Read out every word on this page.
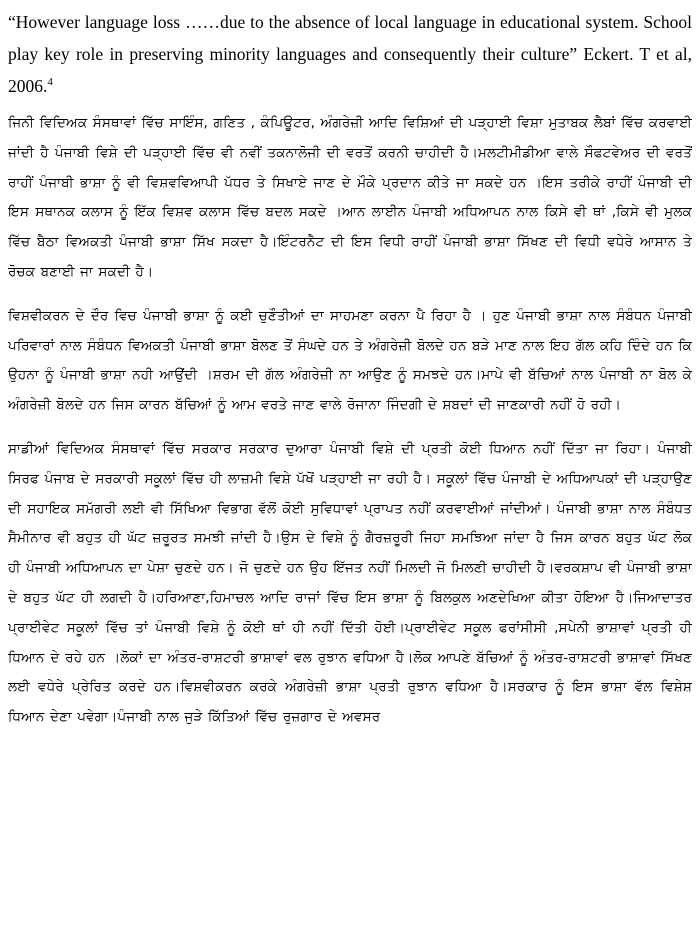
“However language loss ……due to the absence of local language in educational system. School play key role in preserving minority languages and consequently their culture” Eckert. T et al, 2006.$^4$

ਜਿਨੀ ਵਿਦਿਅਕ ਸੰਸਥਾਵਾਂ ਵਿੱਚ ਸਾਇੰਸ, ਗਣਿਤ , ਕੰਪਿਊਟਰ, ਅੰਗਰੇਜ਼ੀ ਆਦਿ ਵਿਸ਼ਿਆਂ ਦੀ ਪੜ੍ਹਾਈ ਵਿਸ਼ਾ ਮੁਤਾਬਕ ਲੈਬਾਂ ਵਿੱਚ ਕਰਵਾਈ ਜਾਂਦੀ ਹੈ ਪੰਜਾਬੀ ਵਿਸ਼ੇ ਦੀ ਪੜ੍ਹਾਈ ਵਿੱਚ ਵੀ ਨਵੀਂ ਤਕਨਾਲੋਜੀ ਦੀ ਵਰਤੋਂ ਕਰਨੀ ਚਾਹੀਦੀ ਹੈ।ਮਲਟੀਮੀਡੀਆ ਵਾਲੇ ਸੌਫਟਵੇਅਰ ਦੀ ਵਰਤੋਂ ਰਾਹੀਂ ਪੰਜਾਬੀ ਭਾਸ਼ਾ ਨੂੰ ਵੀ ਵਿਸ਼ਵਵਿਆਪੀ ਪੱਧਰ ਤੇ ਸਿਖਾਏ ਜਾਣ ਦੇ ਮੌਕੇ ਪ੍ਰਦਾਨ ਕੀਤੇ ਜਾ ਸਕਦੇ ਹਨ ।ਇਸ ਤਰੀਕੇ ਰਾਹੀਂ ਪੰਜਾਬੀ ਦੀ ਇਸ ਸਥਾਨਕ ਕਲਾਸ ਨੂੰ ਇੱਕ ਵਿਸ਼ਵ ਕਲਾਸ ਵਿੱਚ ਬਦਲ ਸਕਦੇ ।ਆਨ ਲਾਈਨ ਪੰਜਾਬੀ ਅਧਿਆਪਨ ਨਾਲ ਕਿਸੇ ਵੀ ਥਾਂ ,ਕਿਸੇ ਵੀ ਮੁਲਕ ਵਿੱਚ ਬੈਠਾ ਵਿਅਕਤੀ ਪੰਜਾਬੀ ਭਾਸ਼ਾ ਸਿੱਖ ਸਕਦਾ ਹੈ।ਇੰਟਰਨੈਟ ਦੀ ਇਸ ਵਿਧੀ ਰਾਹੀਂ ਪੰਜਾਬੀ ਭਾਸ਼ਾ ਸਿੱਖਣ ਦੀ ਵਿਧੀ ਵਧੇਰੇ ਆਸਾਨ ਤੇ ਰੋਚਕ ਬਣਾਈ ਜਾ ਸਕਦੀ ਹੈ।

ਵਿਸ਼ਵੀਕਰਨ ਦੇ ਦੌਰ ਵਿਚ ਪੰਜਾਬੀ ਭਾਸ਼ਾ ਨੂੰ ਕਈ ਚੁਣੌਤੀਆਂ ਦਾ ਸਾਹਮਣਾ ਕਰਨਾ ਪੈ ਰਿਹਾ ਹੈ । ਹੁਣ ਪੰਜਾਬੀ ਭਾਸ਼ਾ ਨਾਲ ਸੰਬੰਧਨ ਪੰਜਾਬੀ ਪਰਿਵਾਰਾਂ ਨਾਲ ਸੰਬੰਧਨ ਵਿਅਕਤੀ ਪੰਜਾਬੀ ਭਾਸ਼ਾ ਬੋਲਣ ਤੋਂ ਸੰਘਦੇ ਹਨ ਤੇ ਅੰਗਰੇਜ਼ੀ ਬੋਲਦੇ ਹਨ ਬੜੇ ਮਾਣ ਨਾਲ ਇਹ ਗੱਲ ਕਹਿ ਦਿੰਦੇ ਹਨ ਕਿ ਉਹਨਾ ਨੂੰ ਪੰਜਾਬੀ ਭਾਸ਼ਾ ਨਹੀ ਆਉਂਦੀ ।ਸ਼ਰਮ ਦੀ ਗੱਲ ਅੰਗਰੇਜ਼ੀ ਨਾ ਆਉਣ ਨੂੰ ਸਮਝਦੇ ਹਨ।ਮਾਪੇ ਵੀ ਬੱਚਿਆਂ ਨਾਲ ਪੰਜਾਬੀ ਨਾ ਬੋਲ ਕੇ ਅੰਗਰੇਜ਼ੀ ਬੋਲਦੇ ਹਨ ਜਿਸ ਕਾਰਨ ਬੱਚਿਆਂ ਨੂੰ ਆਮ ਵਰਤੇ ਜਾਣ ਵਾਲੇ ਰੋਜਾਨਾ ਜਿੰਦਗੀ ਦੇ ਸ਼ਬਦਾਂ ਦੀ ਜਾਣਕਾਰੀ ਨਹੀਂ ਹੋ ਰਹੀ।

ਸਾਡੀਆਂ ਵਿਦਿਅਕ ਸੰਸਥਾਵਾਂ ਵਿੱਚ ਸਰਕਾਰ ਸਰਕਾਰ ਦੁਆਰਾ ਪੰਜਾਬੀ ਵਿਸ਼ੇ ਦੀ ਪ੍ਰਤੀ ਕੋਈ ਧਿਆਨ ਨਹੀਂ ਦਿੱਤਾ ਜਾ ਰਿਹਾ। ਪੰਜਾਬੀ ਸਿਰਫ ਪੰਜਾਬ ਦੇ ਸਰਕਾਰੀ ਸਕੂਲਾਂ ਵਿੱਚ ਹੀ ਲਾਜ਼ਮੀ ਵਿਸ਼ੇ ਪੱਖੋਂ ਪੜ੍ਹਾਈ ਜਾ ਰਹੀ ਹੈ। ਸਕੂਲਾਂ ਵਿੱਚ ਪੰਜਾਬੀ ਦੇ ਅਧਿਆਪਕਾਂ ਦੀ ਪੜ੍ਹਾਉਣ ਦੀ ਸਹਾਇਕ ਸਮੱਗਰੀ ਲਈ ਵੀ ਸਿੱਖਿਆ ਵਿਭਾਗ ਵੱਲੋਂ ਕੋਈ ਸੁਵਿਧਾਵਾਂ ਪ੍ਰਾਪਤ ਨਹੀਂ ਕਰਵਾਈਆਂ ਜਾਂਦੀਆਂ। ਪੰਜਾਬੀ ਭਾਸ਼ਾ ਨਾਲ ਸੰਬੰਧਤ ਸੈਮੀਨਾਰ ਵੀ ਬਹੁਤ ਹੀ ਘੱਟ ਜ਼ਰੂਰਤ ਸਮਝੀ ਜਾਂਦੀ ਹੈ।ਉਸ ਦੇ ਵਿਸ਼ੇ ਨੂੰ ਗੈਰਜ਼ਰੂਰੀ ਜਿਹਾ ਸਮਝਿਆ ਜਾਂਦਾ ਹੈ ਜਿਸ ਕਾਰਨ ਬਹੁਤ ਘੱਟ ਲੋਕ ਹੀ ਪੰਜਾਬੀ ਅਧਿਆਪਨ ਦਾ ਪੇਸ਼ਾ ਚੁਣਦੇ ਹਨ। ਜੋ ਚੁਣਦੇ ਹਨ ਉਹ ਇੱਜਤ ਨਹੀਂ ਮਿਲਦੀ ਜੋ ਮਿਲਣੀ ਚਾਹੀਦੀ ਹੈ।ਵਰਕਸ਼ਾਪ ਵੀ ਪੰਜਾਬੀ ਭਾਸ਼ਾ ਦੇ ਬਹੁਤ ਘੱਟ ਹੀ ਲਗਦੀ ਹੈ।ਹਰਿਆਣਾ,ਹਿਮਾਚਲ ਆਦਿ ਰਾਜਾਂ ਵਿੱਚ ਇਸ ਭਾਸ਼ਾ ਨੂੰ ਬਿਲਕੁਲ ਅਣਦੇਖਿਆ ਕੀਤਾ ਹੋਇਆ ਹੈ।ਜਿਆਦਾਤਰ ਪ੍ਰਾਈਵੇਟ ਸਕੂਲਾਂ ਵਿੱਚ ਤਾਂ ਪੰਜਾਬੀ ਵਿਸ਼ੇ ਨੂੰ ਕੋਈ ਥਾਂ ਹੀ ਨਹੀਂ ਦਿੱਤੀ ਹੋਈ।ਪ੍ਰਾਈਵੇਟ ਸਕੂਲ ਫਰਾਂਸੀਸੀ ,ਸਪੇਨੀ ਭਾਸ਼ਾਵਾਂ ਪ੍ਰਤੀ ਹੀ ਧਿਆਨ ਦੇ ਰਹੇ ਹਨ ।ਲੋਕਾਂ ਦਾ ਅੰਤਰ-ਰਾਸ਼ਟਰੀ ਭਾਸ਼ਾਵਾਂ ਵਲ ਰੁਝਾਨ ਵਧਿਆ ਹੈ।ਲੋਕ ਆਪਣੇ ਬੱਚਿਆਂ ਨੂੰ ਅੰਤਰ-ਰਾਸ਼ਟਰੀ ਭਾਸ਼ਾਵਾਂ ਸਿੱਖਣ ਲਈ ਵਧੇਰੇ ਪ੍ਰੇਰਿਤ ਕਰਦੇ ਹਨ।ਵਿਸ਼ਵੀਕਰਨ ਕਰਕੇ ਅੰਗਰੇਜ਼ੀ ਭਾਸ਼ਾ ਪ੍ਰਤੀ ਰੁਝਾਨ ਵਧਿਆ ਹੈ।ਸਰਕਾਰ ਨੂੰ ਇਸ ਭਾਸ਼ਾ ਵੱਲ ਵਿਸ਼ੇਸ਼ ਧਿਆਨ ਦੇਣਾ ਪਵੇਗਾ।ਪੰਜਾਬੀ ਨਾਲ ਜੁੜੇ ਕਿੱਤਿਆਂ ਵਿੱਚ ਰੁਜ਼ਗਾਰ ਦੇ ਅਵਸਰ
